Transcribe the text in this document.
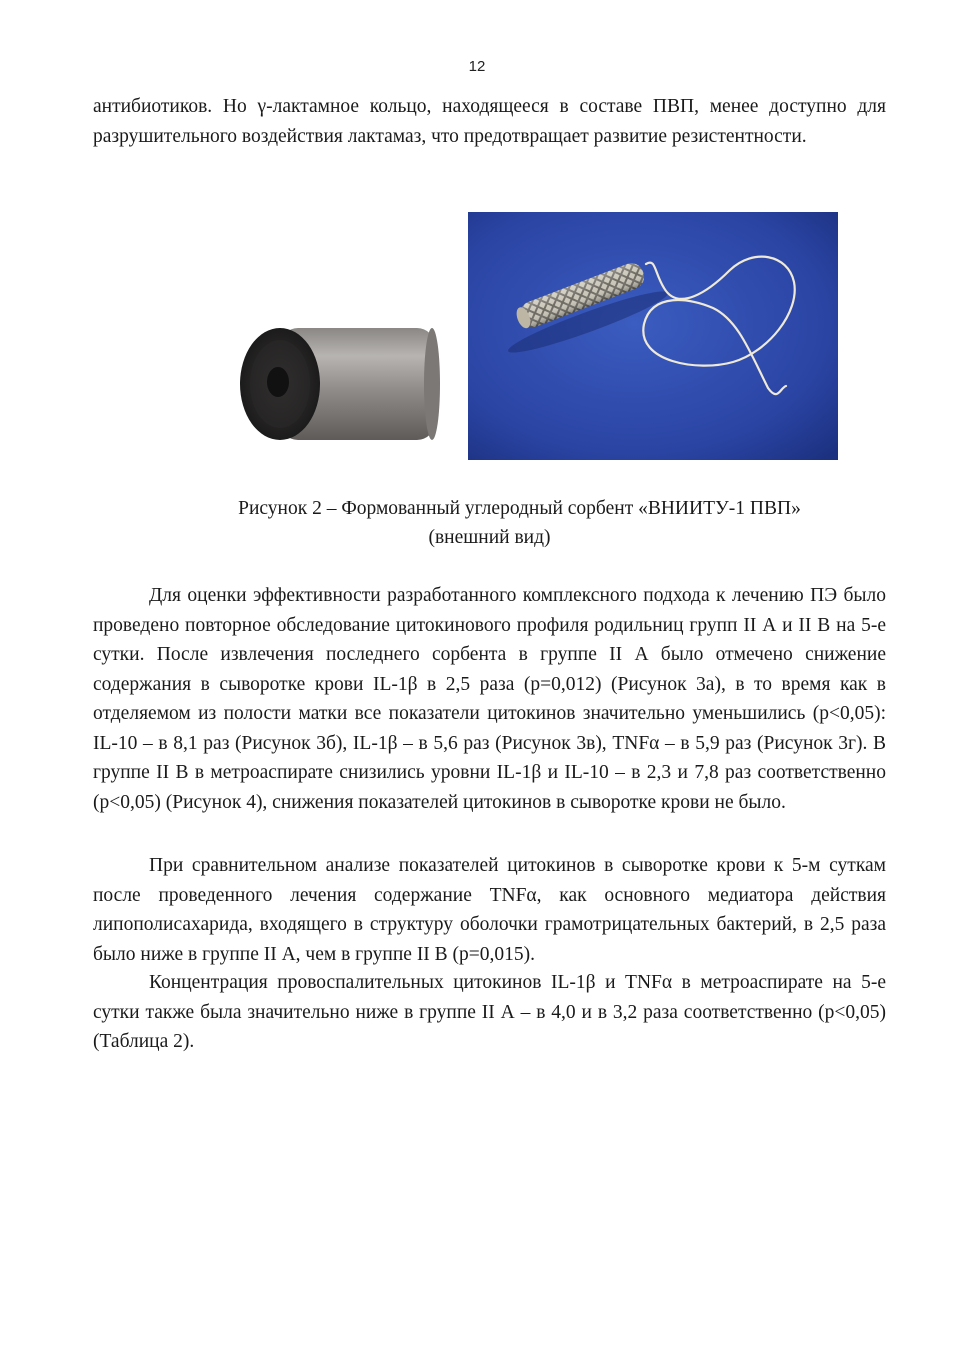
12

антибиотиков. Но γ-лактамное кольцо, находящееся в составе ПВП, менее доступно для разрушительного воздействия лактамаз, что предотвращает развитие резистентности.

Рисунок 2 – Формованный углеродный сорбент «ВНИИТУ-1 ПВП»
(внешний вид)

Для оценки эффективности разработанного комплексного подхода к лечению ПЭ было проведено повторное обследование цитокинового профиля родильниц групп II А и II В на 5-е сутки. После извлечения последнего сорбента в группе II А было отмечено снижение содержания в сыворотке крови IL-1β в 2,5 раза (р=0,012) (Рисунок 3а), в то время как в отделяемом из полости матки все показатели цитокинов значительно уменьшились (р<0,05): IL-10 – в 8,1 раз (Рисунок 3б), IL-1β – в 5,6 раз (Рисунок 3в), TNFα – в 5,9 раз (Рисунок 3г). В группе II В в метроаспирате снизились уровни IL-1β и IL-10 – в 2,3 и 7,8 раз соответственно (р<0,05) (Рисунок 4), снижения показателей цитокинов в сыворотке крови не было.

При сравнительном анализе показателей цитокинов в сыворотке крови к 5-м суткам после проведенного лечения содержание TNFα, как основного медиатора действия липополисахарида, входящего в структуру оболочки грамотрицательных бактерий, в 2,5 раза было ниже в группе II А, чем в группе II В (р=0,015).

Концентрация провоспалительных цитокинов IL-1β и TNFα в метроаспирате на 5-е сутки также была значительно ниже в группе II А – в 4,0 и в 3,2 раза соответственно (р<0,05) (Таблица 2).
